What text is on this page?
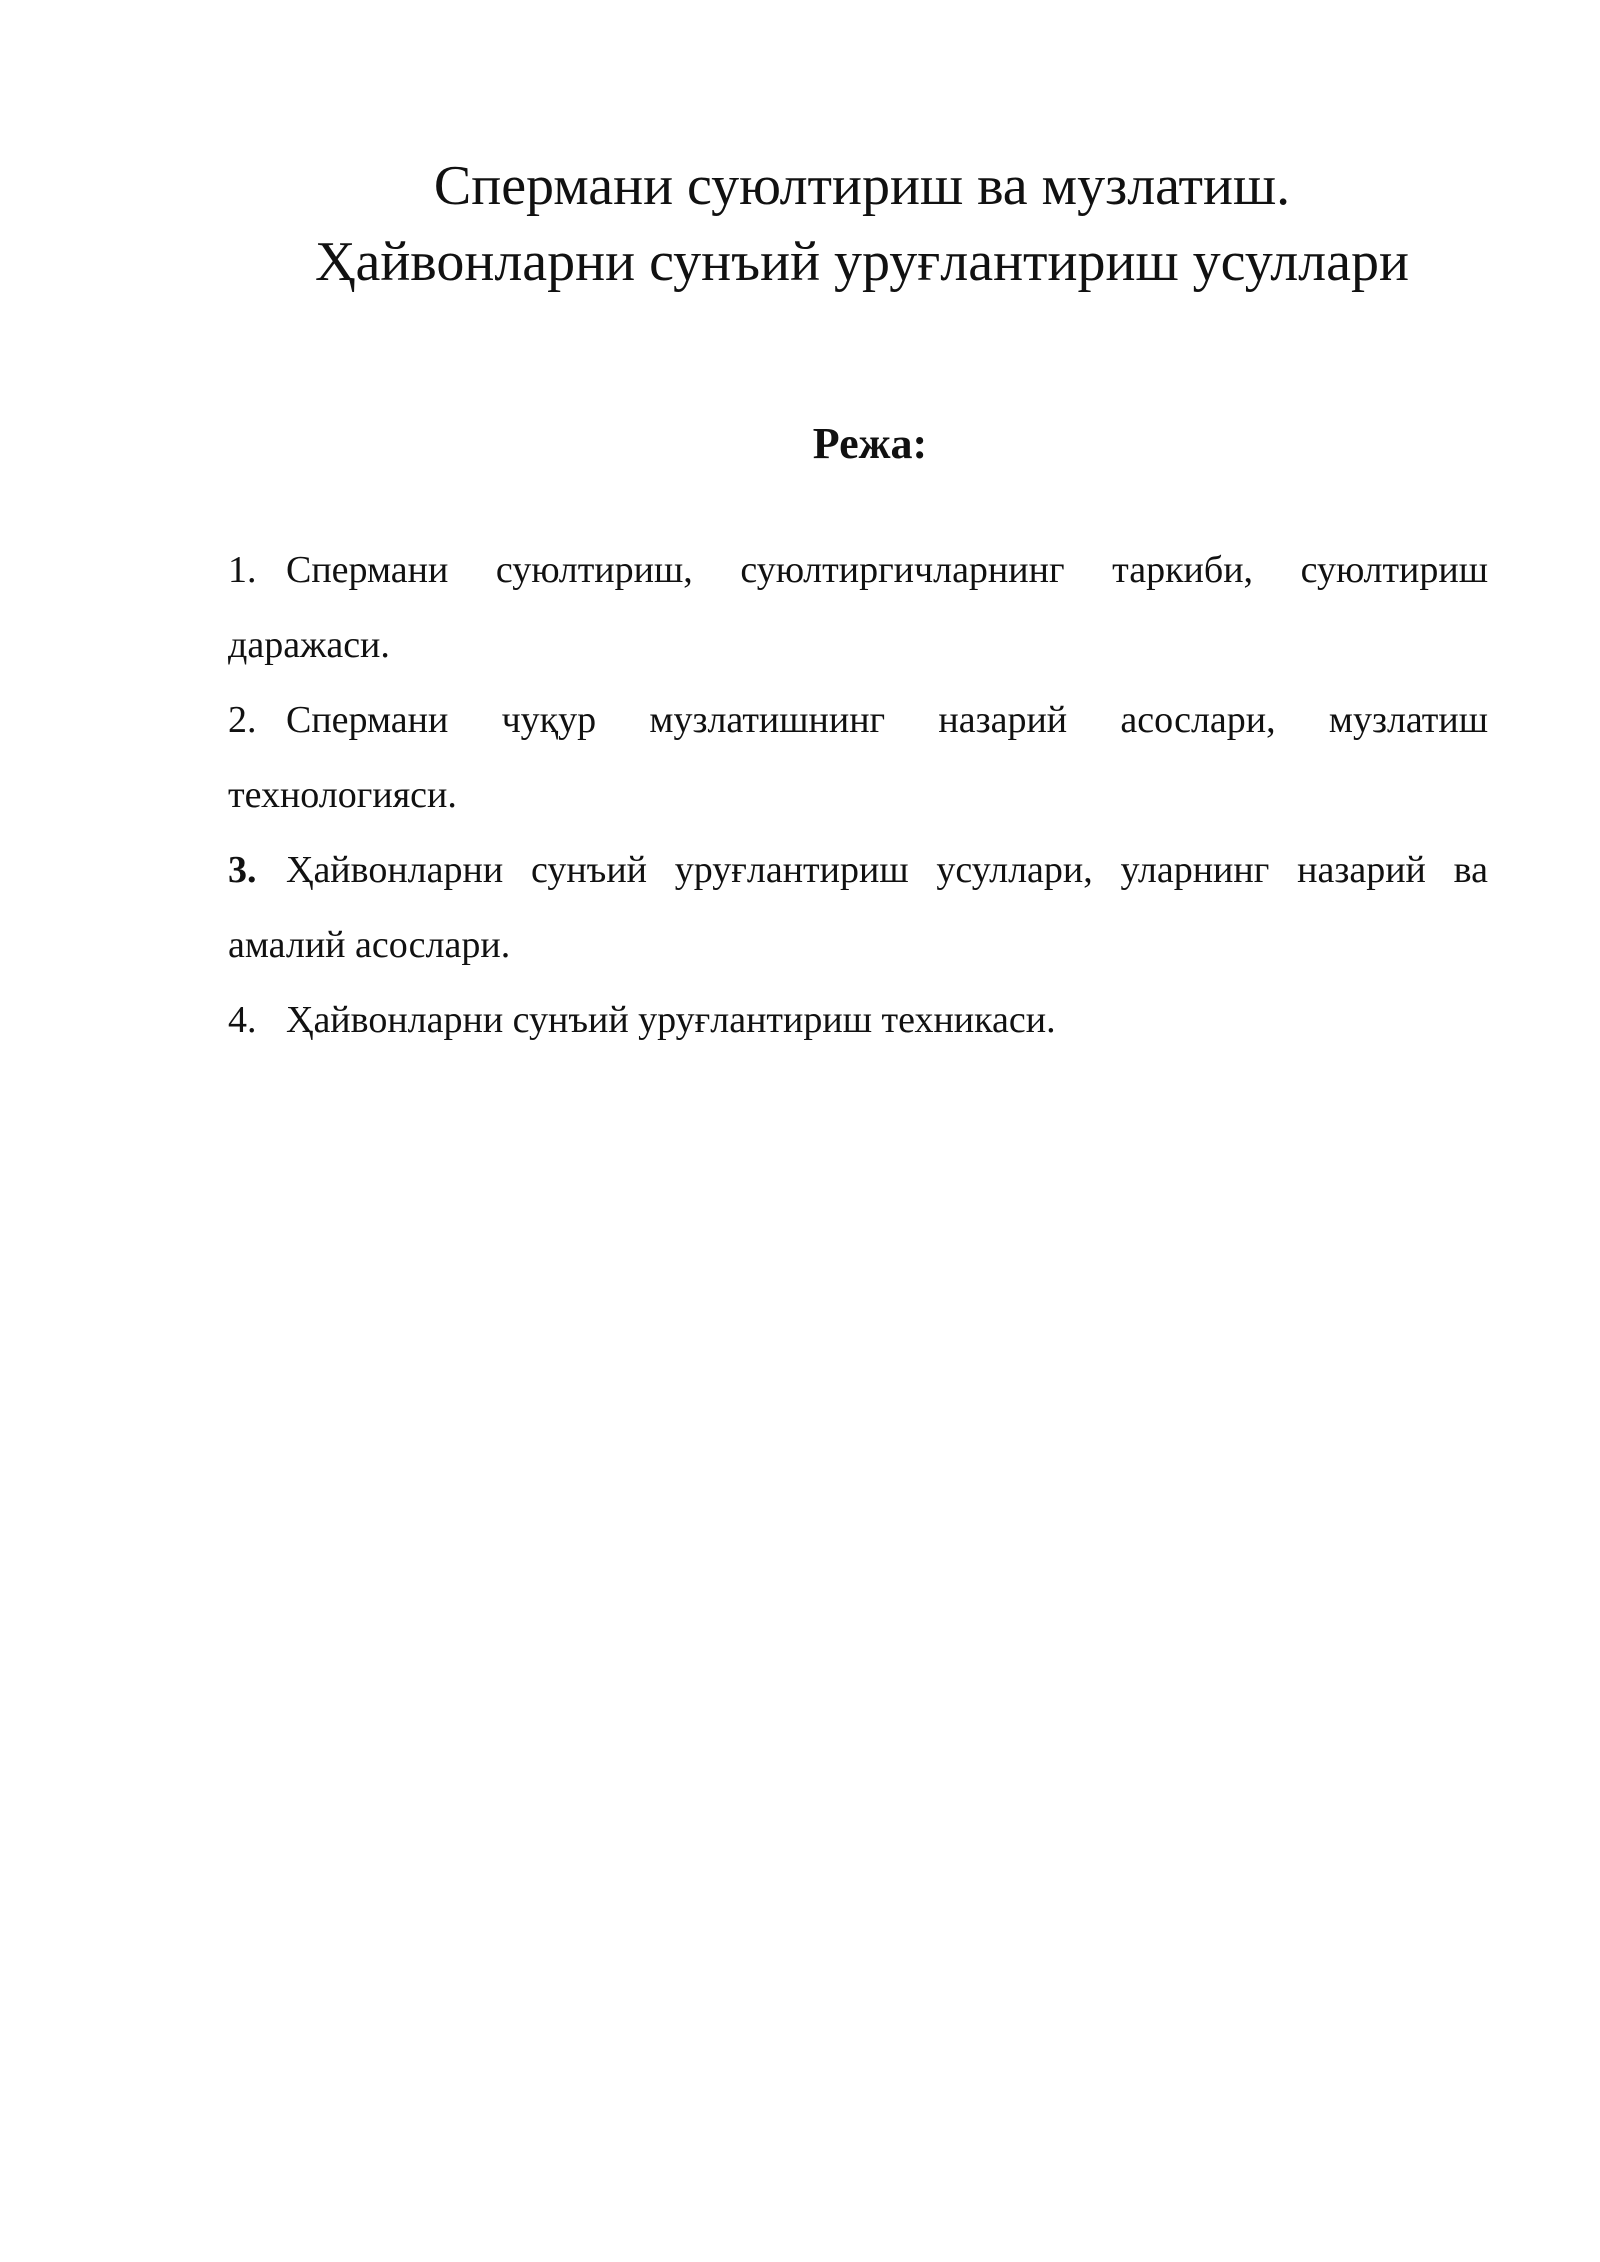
Спермани суюлтириш ва музлатиш.
Ҳайвонларни сунъий уруғлантириш усуллари
Режа:
1. Спермани суюлтириш, суюлтиргичларнинг таркиби, суюлтириш даражаси.
2. Спермани чуқур музлатишнинг назарий асослари, музлатиш технологияси.
3. Ҳайвонларни сунъий уруғлантириш усуллари, уларнинг назарий ва амалий асослари.
4. Ҳайвонларни сунъий уруғлантириш техникаси.
